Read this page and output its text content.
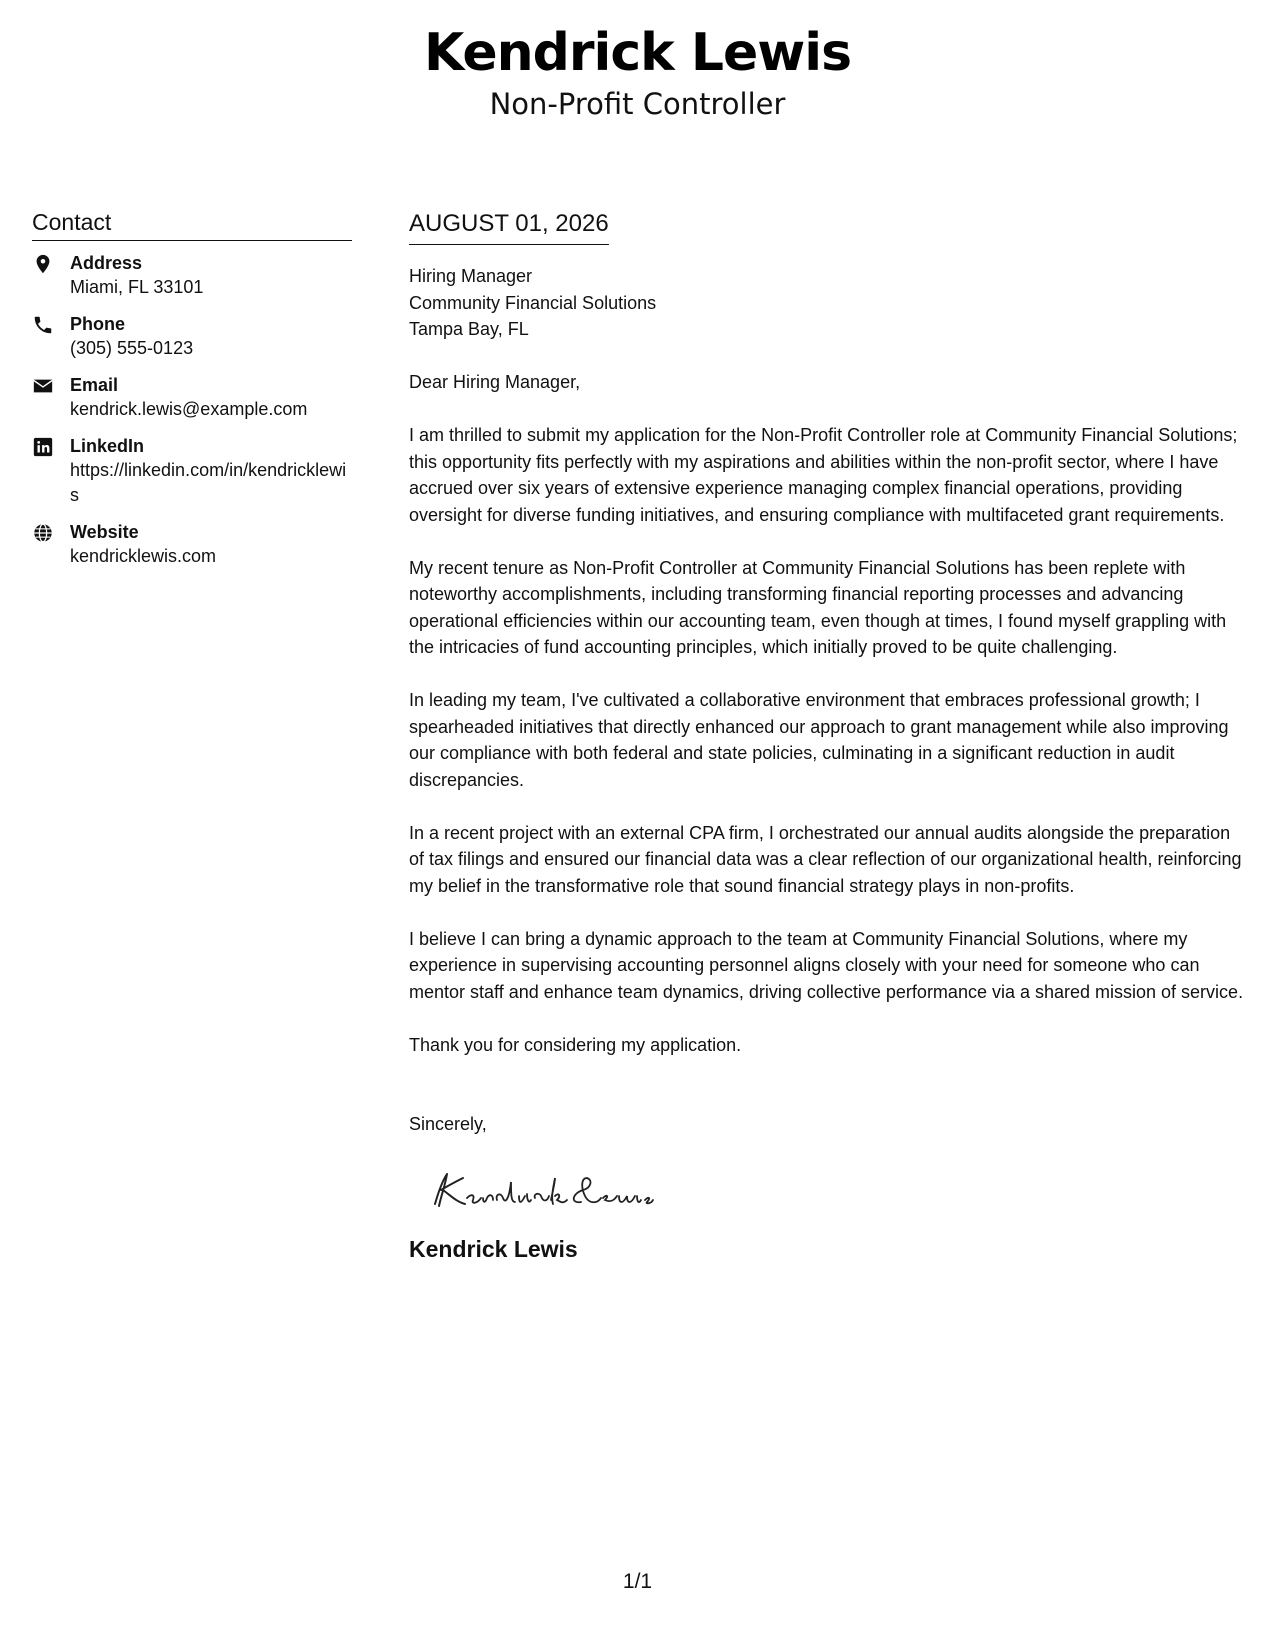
Kendrick Lewis
Non-Profit Controller
Contact
Address
Miami, FL 33101
Phone
(305) 555-0123
Email
kendrick.lewis@example.com
LinkedIn
https://linkedin.com/in/kendricklewis
Website
kendricklewis.com
AUGUST 01, 2026
Hiring Manager
Community Financial Solutions
Tampa Bay, FL
Dear Hiring Manager,

I am thrilled to submit my application for the Non-Profit Controller role at Community Financial Solutions; this opportunity fits perfectly with my aspirations and abilities within the non-profit sector, where I have accrued over six years of extensive experience managing complex financial operations, providing oversight for diverse funding initiatives, and ensuring compliance with multifaceted grant requirements.

My recent tenure as Non-Profit Controller at Community Financial Solutions has been replete with noteworthy accomplishments, including transforming financial reporting processes and advancing operational efficiencies within our accounting team, even though at times, I found myself grappling with the intricacies of fund accounting principles, which initially proved to be quite challenging.

In leading my team, I've cultivated a collaborative environment that embraces professional growth; I spearheaded initiatives that directly enhanced our approach to grant management while also improving our compliance with both federal and state policies, culminating in a significant reduction in audit discrepancies.

In a recent project with an external CPA firm, I orchestrated our annual audits alongside the preparation of tax filings and ensured our financial data was a clear reflection of our organizational health, reinforcing my belief in the transformative role that sound financial strategy plays in non-profits.

I believe I can bring a dynamic approach to the team at Community Financial Solutions, where my experience in supervising accounting personnel aligns closely with your need for someone who can mentor staff and enhance team dynamics, driving collective performance via a shared mission of service.

Thank you for considering my application.

Sincerely,
Kendrick Lewis
1/1
